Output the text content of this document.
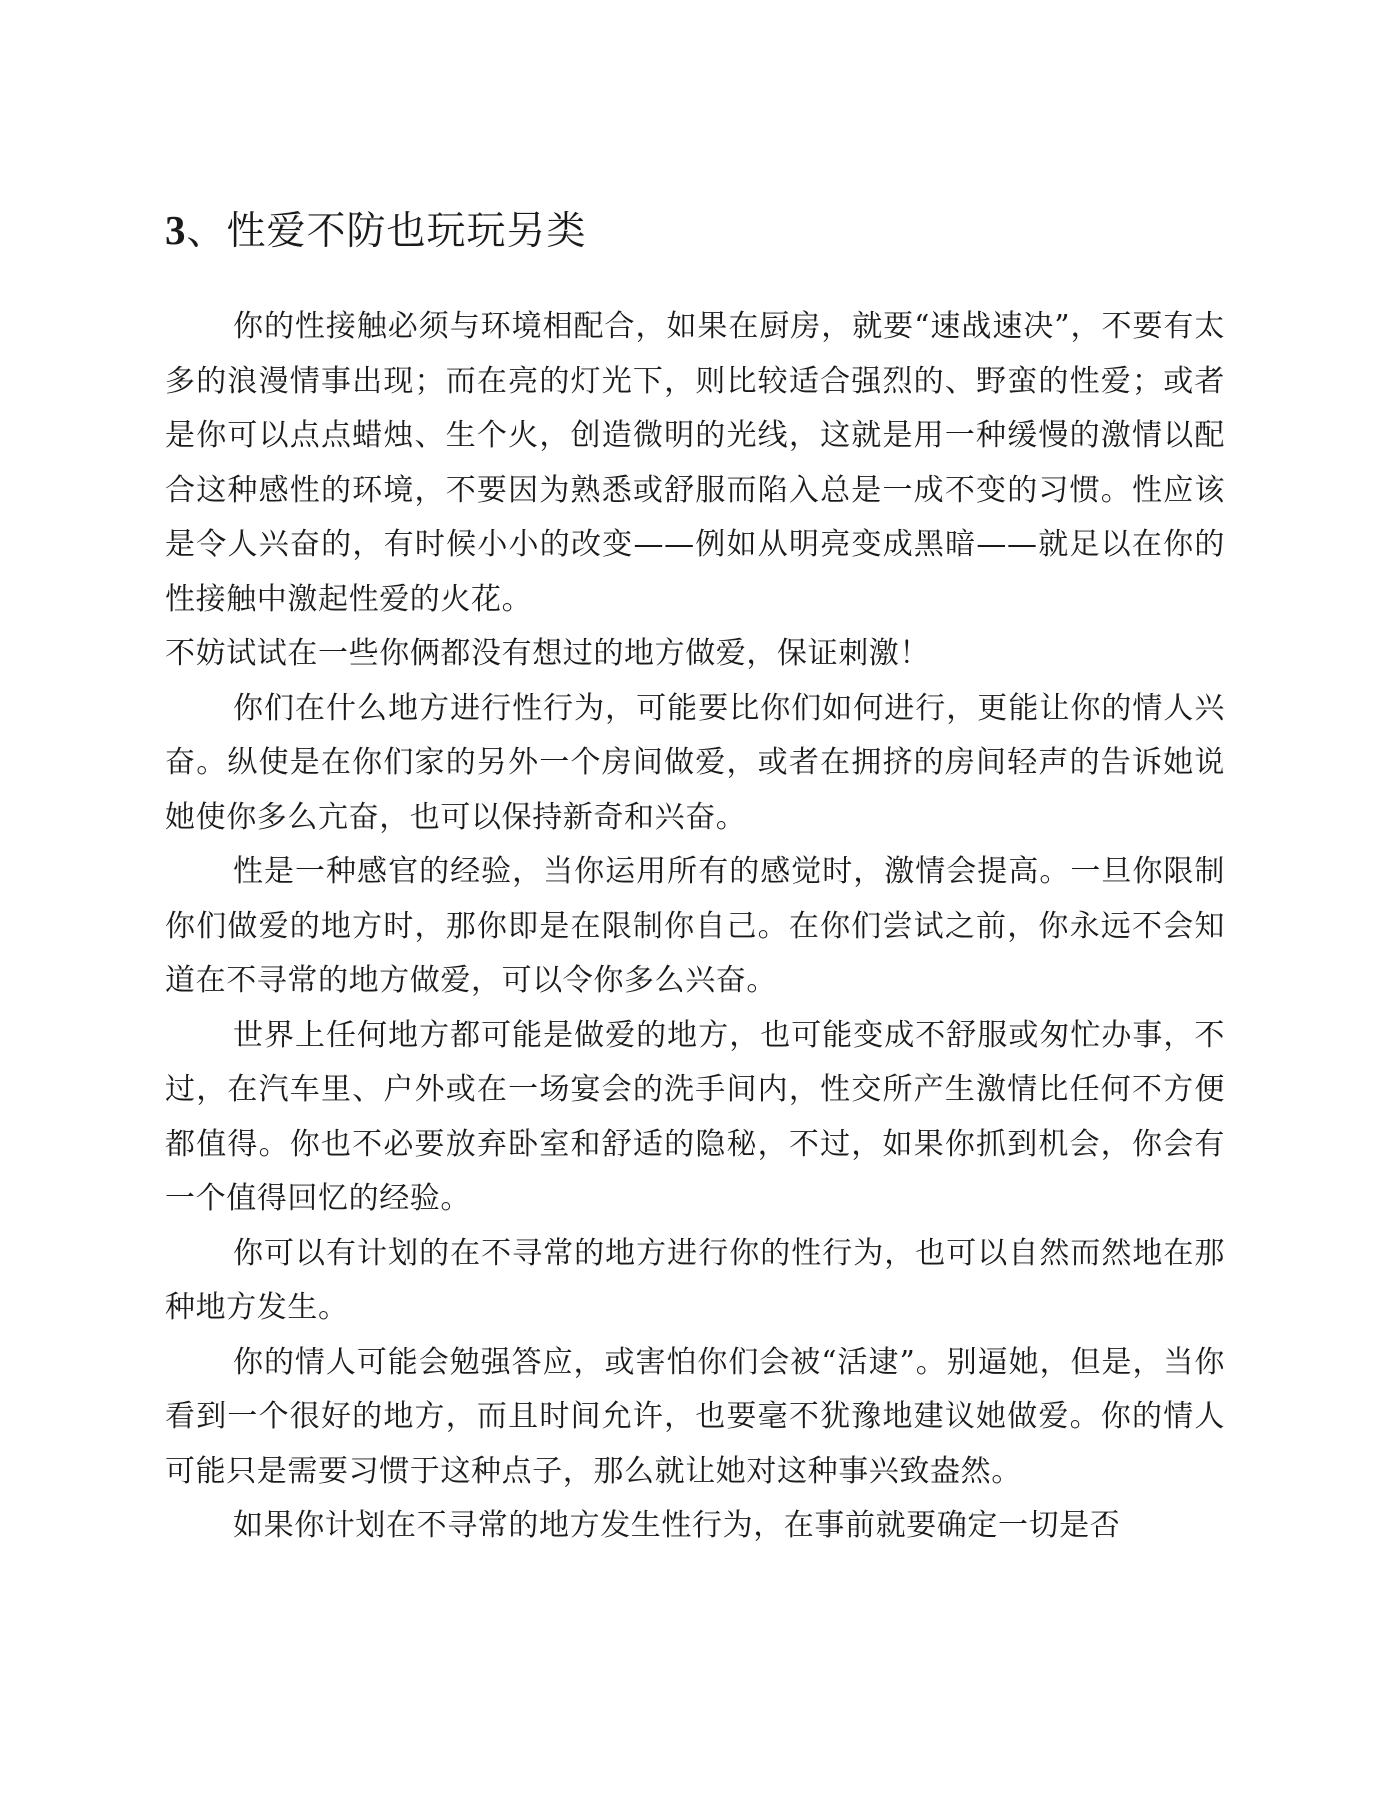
3、性爱不防也玩玩另类

你的性接触必须与环境相配合，如果在厨房，就要“速战速决”，不要有太多的浪漫情事出现；而在亮的灯光下，则比较适合强烈的、野蛮的性爱；或者是你可以点点蜡烛、生个火，创造微明的光线，这就是用一种缓慢的激情以配合这种感性的环境，不要因为熟悉或舒服而陷入总是一成不变的习惯。性应该是令人兴奋的，有时候小小的改变——例如从明亮变成黑暗——就足以在你的性接触中激起性爱的火花。

不妨试试在一些你俩都没有想过的地方做爱，保证刺激！

你们在什么地方进行性行为，可能要比你们如何进行，更能让你的情人兴奋。纵使是在你们家的另外一个房间做爱，或者在拥挤的房间轻声的告诉她说她使你多么亢奋，也可以保持新奇和兴奋。

性是一种感官的经验，当你运用所有的感觉时，激情会提高。一旦你限制你们做爱的地方时，那你即是在限制你自己。在你们尝试之前，你永远不会知道在不寻常的地方做爱，可以令你多么兴奋。

世界上任何地方都可能是做爱的地方，也可能变成不舒服或匆忙办事，不过，在汽车里、户外或在一场宴会的洗手间内，性交所产生激情比任何不方便都值得。你也不必要放弃卧室和舒适的隐秘，不过，如果你抓到机会，你会有一个值得回忆的经验。

你可以有计划的在不寻常的地方进行你的性行为，也可以自然而然地在那种地方发生。

你的情人可能会勉强答应，或害怕你们会被“活逮”。别逼她，但是，当你看到一个很好的地方，而且时间允许，也要毫不犹豫地建议她做爱。你的情人可能只是需要习惯于这种点子，那么就让她对这种事兴致盎然。

如果你计划在不寻常的地方发生性行为，在事前就要确定一切是否
